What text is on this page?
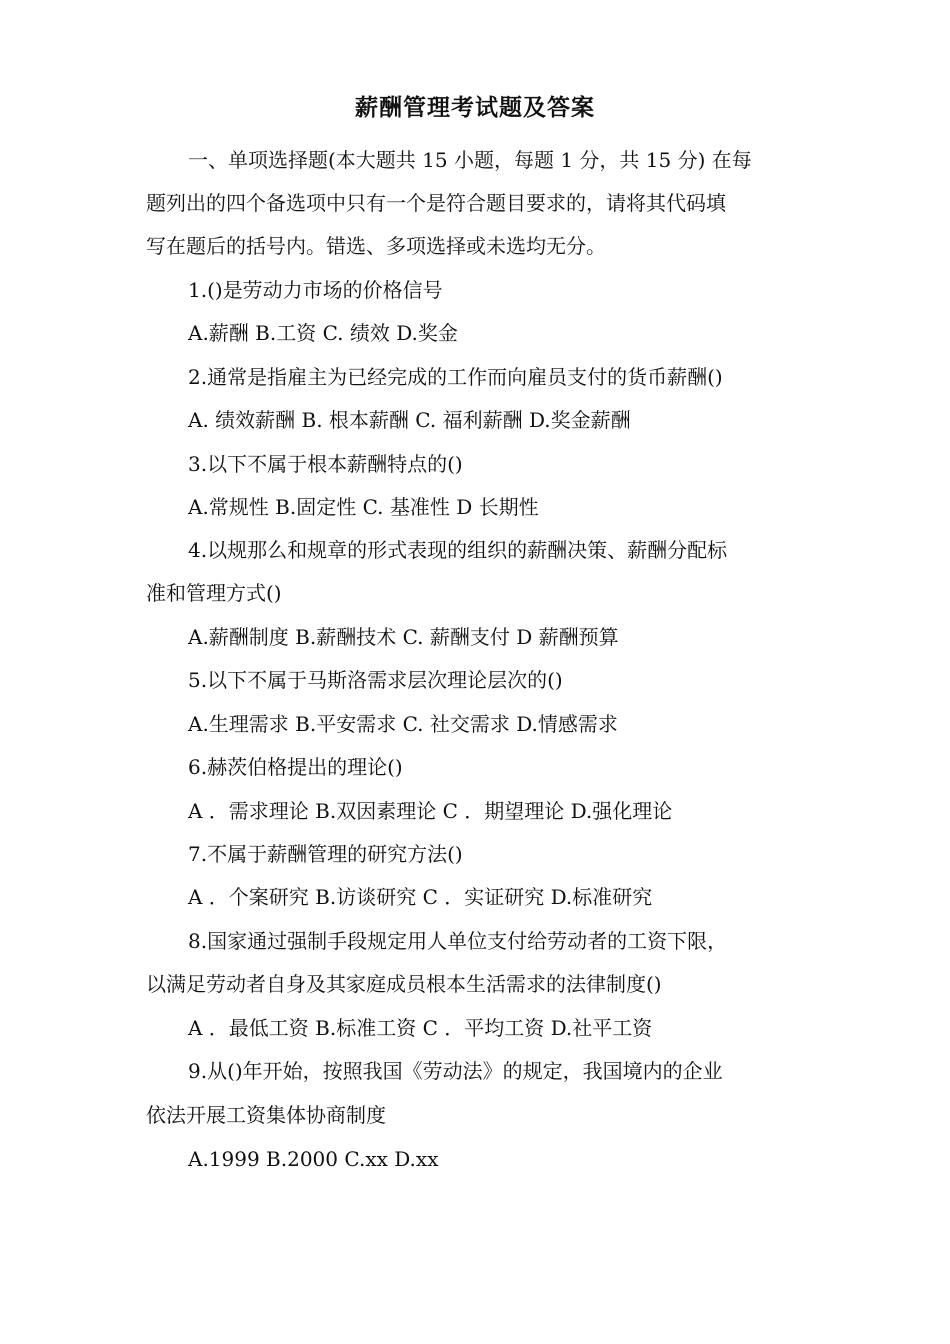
薪酬管理考试题及答案
一、单项选择题(本大题共 15 小题，每题 1 分，共 15 分) 在每
题列出的四个备选项中只有一个是符合题目要求的，请将其代码填
写在题后的括号内。错选、多项选择或未选均无分。
1.()是劳动力市场的价格信号
A.薪酬 B.工资 C. 绩效 D.奖金
2.通常是指雇主为已经完成的工作而向雇员支付的货币薪酬()
A. 绩效薪酬 B. 根本薪酬 C. 福利薪酬 D.奖金薪酬
3.以下不属于根本薪酬特点的()
A.常规性 B.固定性 C. 基准性 D 长期性
4.以规那么和规章的形式表现的组织的薪酬决策、薪酬分配标
准和管理方式()
A.薪酬制度 B.薪酬技术 C. 薪酬支付 D 薪酬预算
5.以下不属于马斯洛需求层次理论层次的()
A.生理需求 B.平安需求 C. 社交需求 D.情感需求
6.赫茨伯格提出的理论()
A ．需求理论 B.双因素理论 C ．期望理论 D.强化理论
7.不属于薪酬管理的研究方法()
A ．个案研究 B.访谈研究 C ．实证研究 D.标准研究
8.国家通过强制手段规定用人单位支付给劳动者的工资下限，
以满足劳动者自身及其家庭成员根本生活需求的法律制度()
A ．最低工资 B.标准工资 C ．平均工资 D.社平工资
9.从()年开始，按照我国《劳动法》的规定，我国境内的企业
依法开展工资集体协商制度
A.1999 B.2000 C.xx D.xx
